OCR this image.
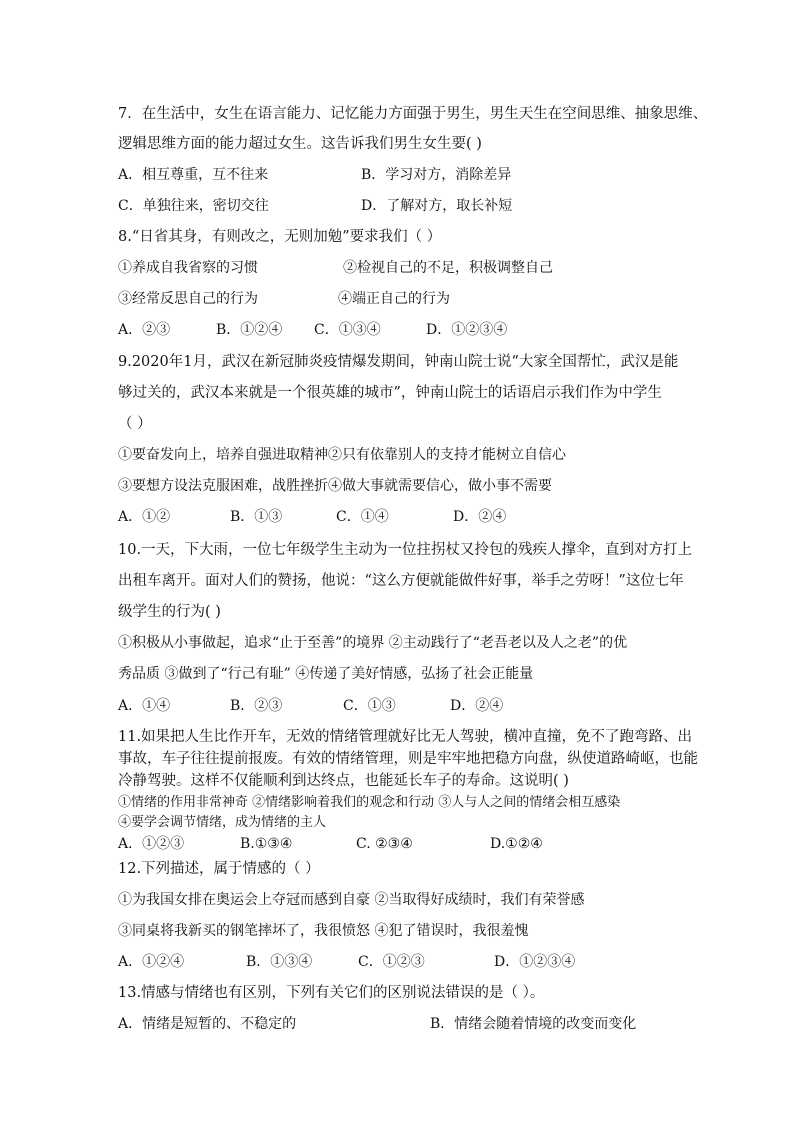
7．在生活中，女生在语言能力、记忆能力方面强于男生，男生天生在空间思维、抽象思维、
逻辑思维方面的能力超过女生。这告诉我们男生女生要( )
A．相互尊重，互不往来	B．学习对方，消除差异
C．单独往来，密切交往	D．了解对方，取长补短
8.“日省其身，有则改之，无则加勉”要求我们（ ）
①养成自我省察的习惯	②检视自己的不足，积极调整自己
③经常反思自己的行为	④端正自己的行为
A．②③	B．①②④ C．①③④	D．①②③④
9.2020年1月，武汉在新冠肺炎疫情爆发期间，钟南山院士说“大家全国帮忙，武汉是能
够过关的，武汉本来就是一个很英雄的城市”，钟南山院士的话语启示我们作为中学生
（ ）
①要奋发向上，培养自强进取精神②只有依靠别人的支持才能树立自信心
③要想方设法克服困难，战胜挫折④做大事就需要信心，做小事不需要
A．①②	B．①③	C．①④	D．②④
10.一天，下大雨，一位七年级学生主动为一位拄拐杖又拎包的残疾人撑伞，直到对方打上
出租车离开。面对人们的赞扬，他说：“这么方便就能做件好事，举手之劳呀！”这位七年
级学生的行为( )
①积极从小事做起，追求“止于至善”的境界 ②主动践行了“老吾老以及人之老”的优
秀品质 ③做到了“行己有耻” ④传递了美好情感，弘扬了社会正能量
A．①④	B．②③	C．①③	D．②④
11.如果把人生比作开车，无效的情绪管理就好比无人驾驶，横冲直撞，免不了跑弯路、出
事故，车子往往提前报废。有效的情绪管理，则是牢牢地把稳方向盘，纵使道路崎岖，也能
冷静驾驶。这样不仅能顺利到达终点，也能延长车子的寿命。这说明( )
①情绪的作用非常神奇 ②情绪影响着我们的观念和行动 ③人与人之间的情绪会相互感染
④要学会调节情绪，成为情绪的主人
A．①②③	B.①③④	C. ②③④	D.①②④
12.下列描述，属于情感的（ ）
①为我国女排在奥运会上夺冠而感到自豪 ②当取得好成绩时，我们有荣誉感
③同桌将我新买的钢笔摔坏了，我很愤怒 ④犯了错误时，我很羞愧
A．①②④	B．①③④	C．①②③	D．①②③④
13.情感与情绪也有区别，下列有关它们的区别说法错误的是（ ）。
A．情绪是短暂的、不稳定的	B．情绪会随着情境的改变而变化
